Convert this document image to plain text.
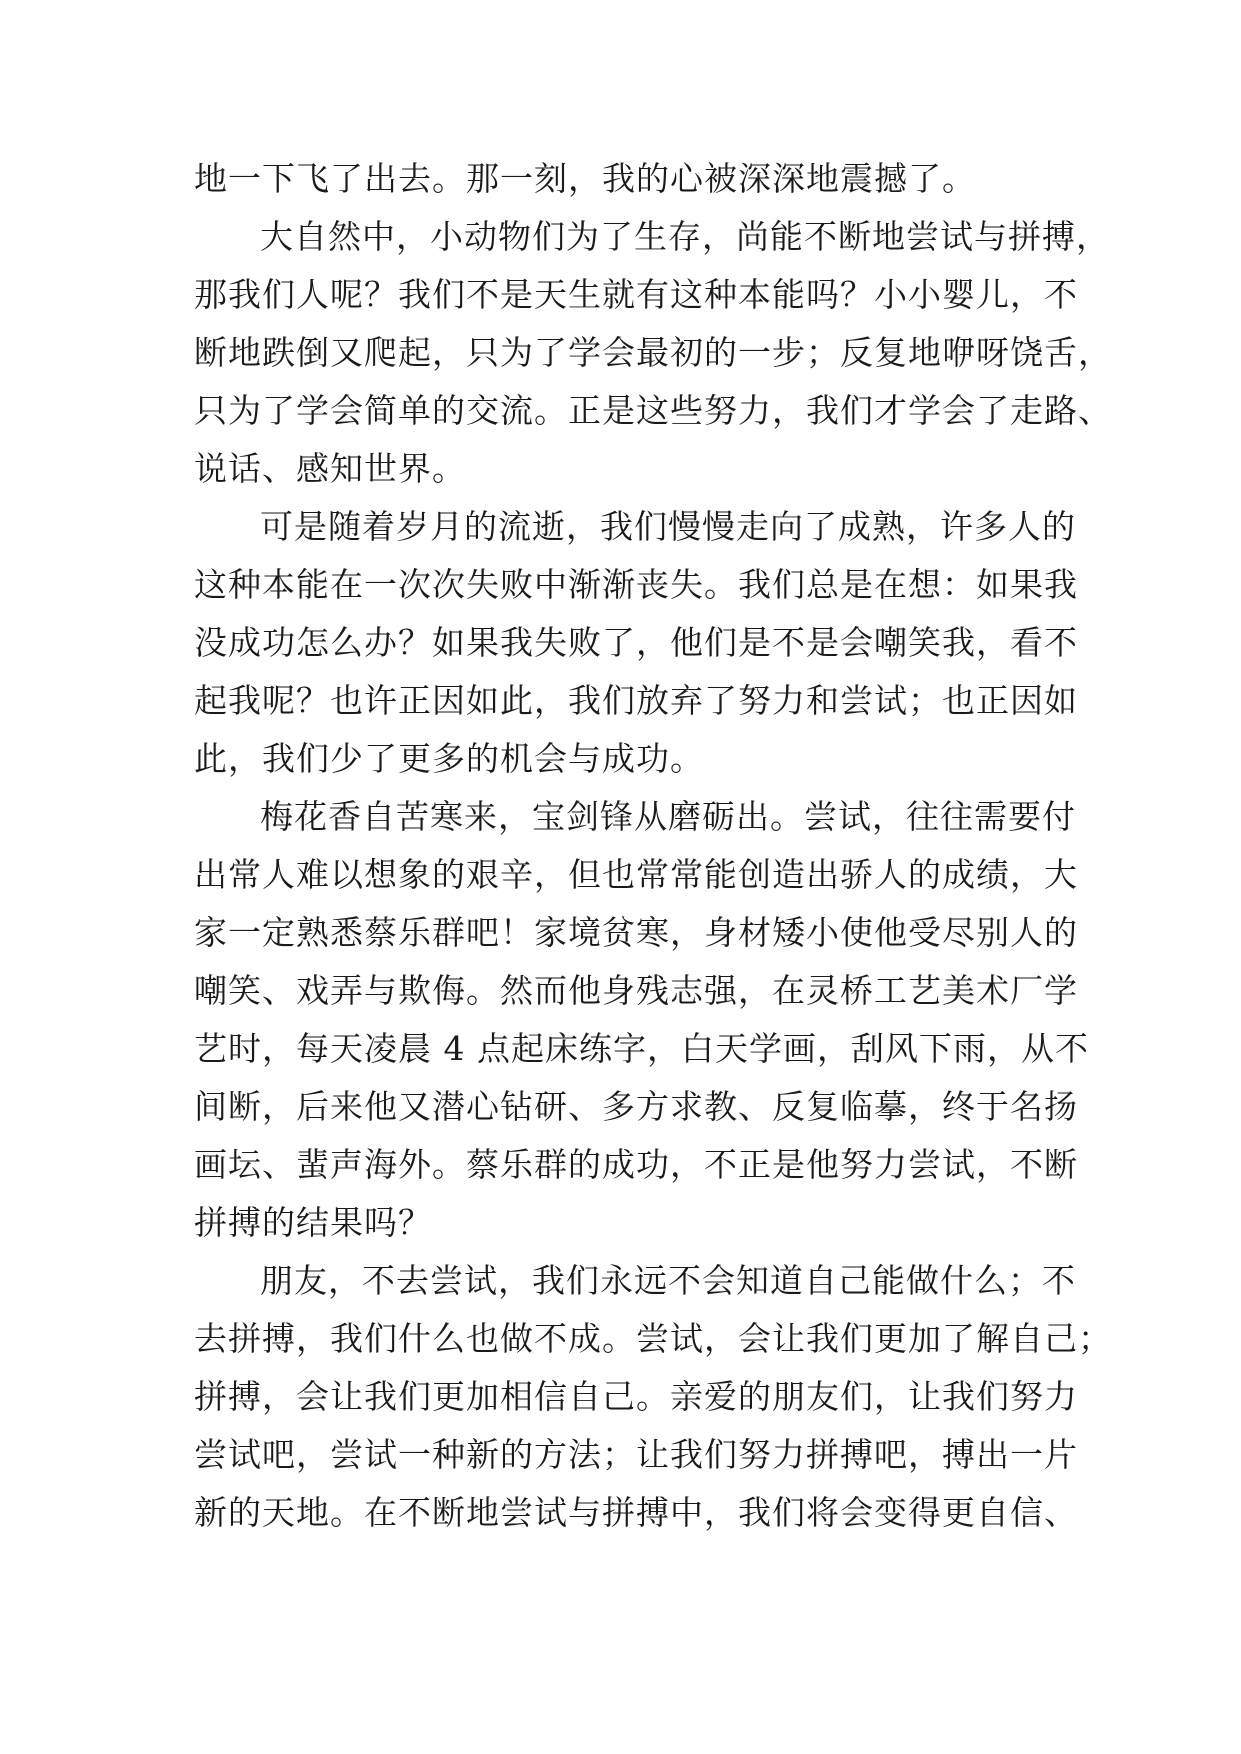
地一下飞了出去。那一刻，我的心被深深地震撼了。
大自然中，小动物们为了生存，尚能不断地尝试与拼搏，
那我们人呢？我们不是天生就有这种本能吗？小小婴儿，不
断地跌倒又爬起，只为了学会最初的一步；反复地咿呀饶舌，
只为了学会简单的交流。正是这些努力，我们才学会了走路、
说话、感知世界。
可是随着岁月的流逝，我们慢慢走向了成熟，许多人的
这种本能在一次次失败中渐渐丧失。我们总是在想：如果我
没成功怎么办？如果我失败了，他们是不是会嘲笑我，看不
起我呢？也许正因如此，我们放弃了努力和尝试；也正因如
此，我们少了更多的机会与成功。
梅花香自苦寒来，宝剑锋从磨砺出。尝试，往往需要付
出常人难以想象的艰辛，但也常常能创造出骄人的成绩，大
家一定熟悉蔡乐群吧！家境贫寒，身材矮小使他受尽别人的
嘲笑、戏弄与欺侮。然而他身残志强，在灵桥工艺美术厂学
艺时，每天凌晨 4 点起床练字，白天学画，刮风下雨，从不
间断，后来他又潜心钻研、多方求教、反复临摹，终于名扬
画坛、蜚声海外。蔡乐群的成功，不正是他努力尝试，不断
拼搏的结果吗？
朋友，不去尝试，我们永远不会知道自己能做什么；不
去拼搏，我们什么也做不成。尝试，会让我们更加了解自己；
拼搏，会让我们更加相信自己。亲爱的朋友们，让我们努力
尝试吧，尝试一种新的方法；让我们努力拼搏吧，搏出一片
新的天地。在不断地尝试与拼搏中，我们将会变得更自信、
